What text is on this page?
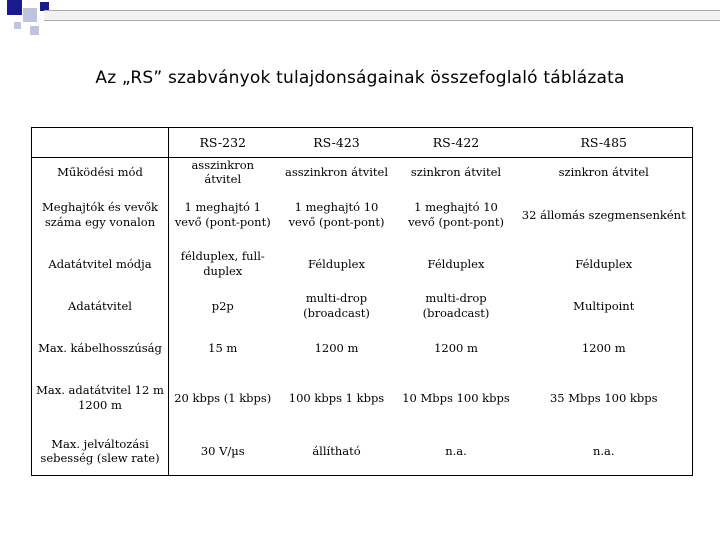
Az „RS” szabványok tulajdonságainak összefoglaló táblázata
	RS-232	RS-423	RS-422	RS-485
Működési mód	asszinkron átvitel	asszinkron átvitel	szinkron átvitel	szinkron átvitel
Meghajtók és vevők száma egy vonalon	1 meghajtó 1 vevő (pont-pont)	1 meghajtó 10 vevő (pont-pont)	1 meghajtó 10 vevő (pont-pont)	32 állomás szegmensenként
Adatátvitel módja	félduplex, full-duplex	Félduplex	Félduplex	Félduplex
Adatátvitel	p2p	multi-drop (broadcast)	multi-drop (broadcast)	Multipoint
Max. kábelhosszúság	15 m	1200 m	1200 m	1200 m
Max. adatátvitel 12 m 1200 m	20 kbps (1 kbps)	100 kbps 1 kbps	10 Mbps 100 kbps	35 Mbps 100 kbps
Max. jelváltozási sebesség (slew rate)	30 V/µs	állítható	n.a.	n.a.
